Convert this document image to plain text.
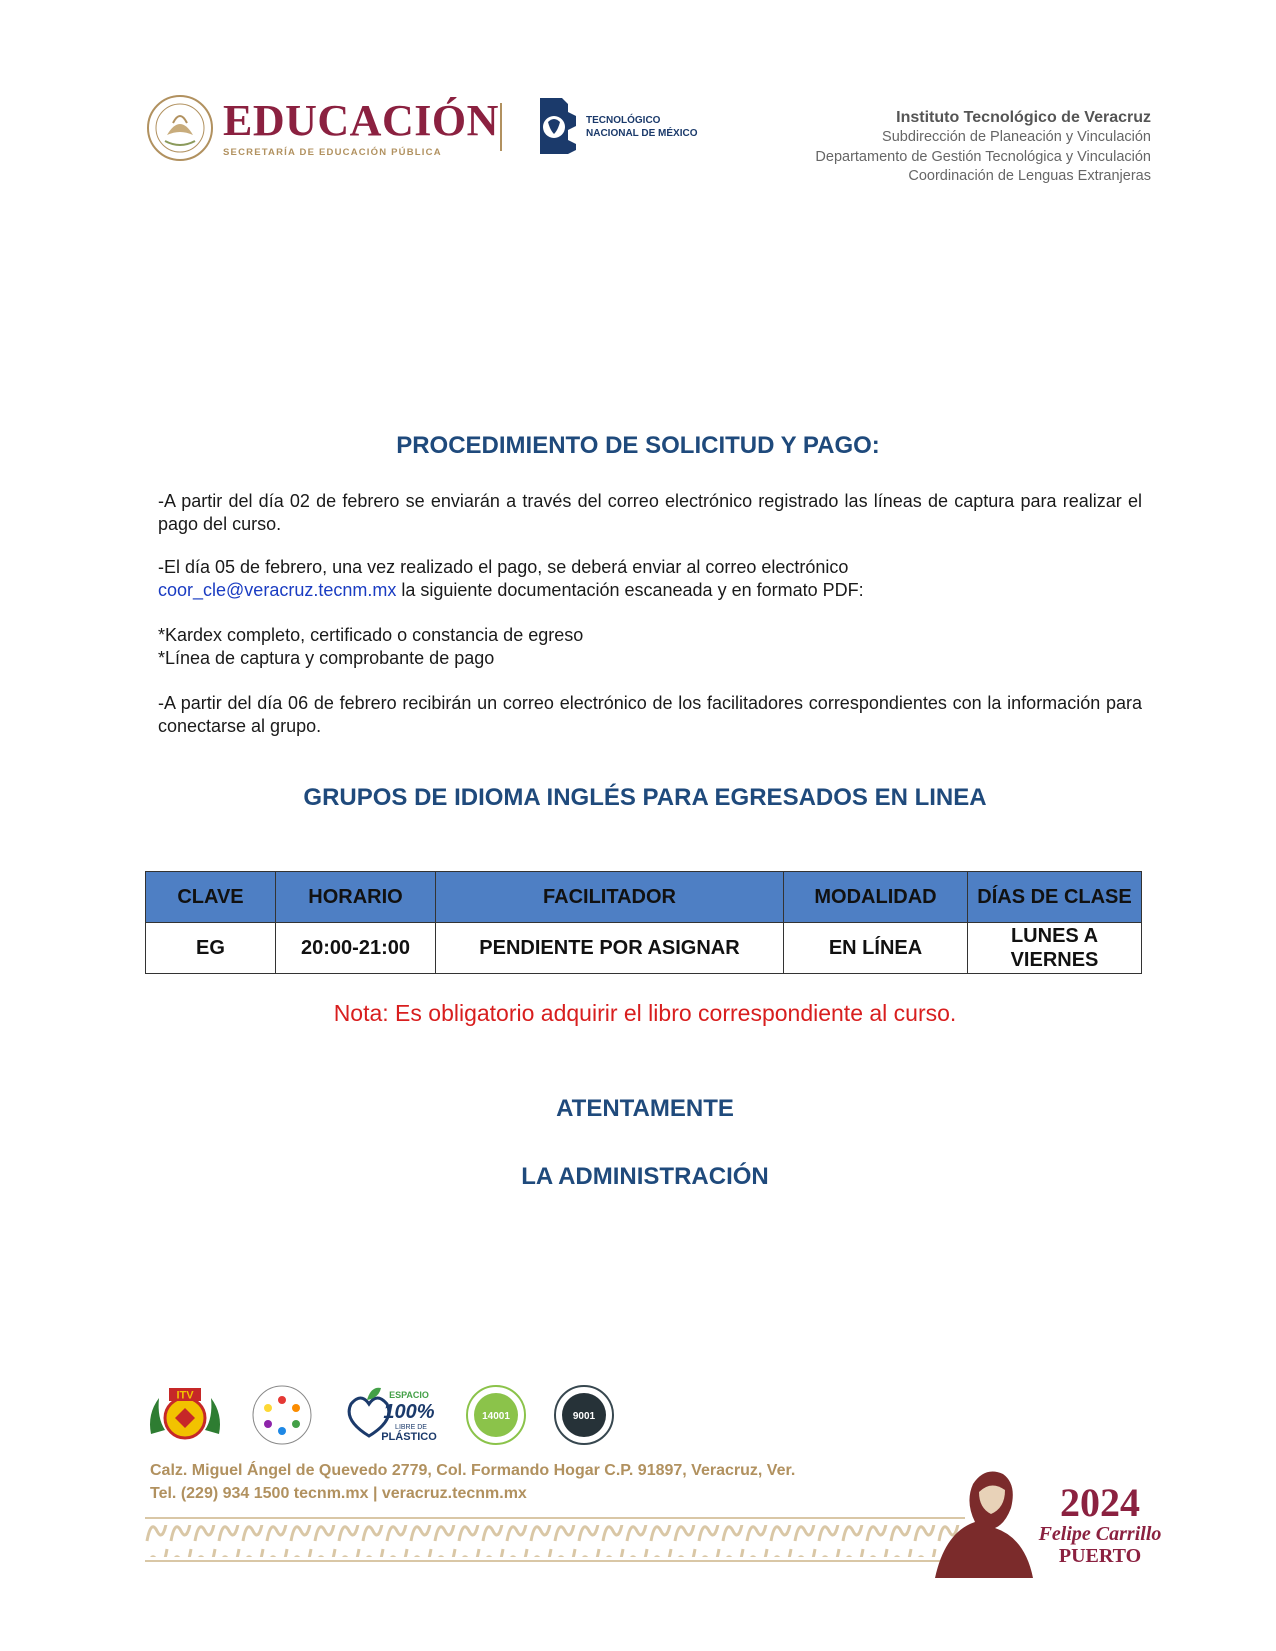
EDUCACIÓN
SECRETARÍA DE EDUCACIÓN PÚBLICA
TECNOLÓGICO
NACIONAL DE MÉXICO
Instituto Tecnológico de Veracruz
Subdirección de Planeación y Vinculación
Departamento de Gestión Tecnológica y Vinculación
Coordinación de Lenguas Extranjeras
PROCEDIMIENTO DE SOLICITUD Y PAGO:
-A partir del día 02 de febrero se enviarán a través del correo electrónico registrado las líneas de captura para realizar el pago del curso.
-El día 05 de febrero, una vez realizado el pago, se deberá enviar al correo electrónico
coor_cle@veracruz.tecnm.mx la siguiente documentación escaneada y en formato PDF:
*Kardex completo, certificado o constancia de egreso
*Línea de captura y comprobante de pago
-A partir del día 06 de febrero recibirán un correo electrónico de los facilitadores correspondientes con la información para conectarse al grupo.
GRUPOS DE IDIOMA INGLÉS PARA EGRESADOS EN LINEA
CLAVE	HORARIO	FACILITADOR	MODALIDAD	DÍAS DE CLASE
EG	20:00-21:00	PENDIENTE POR ASIGNAR	EN LÍNEA	LUNES A VIERNES
Nota: Es obligatorio adquirir el libro correspondiente al curso.
ATENTAMENTE
LA ADMINISTRACIÓN
ITV	ESPACIO
100%
LIBRE DE
PLÁSTICO
14001	9001
Calz. Miguel Ángel de Quevedo 2779, Col. Formando Hogar C.P. 91897, Veracruz, Ver.
Tel. (229) 934 1500 tecnm.mx | veracruz.tecnm.mx	2024
Felipe Carrillo
PUERTO
